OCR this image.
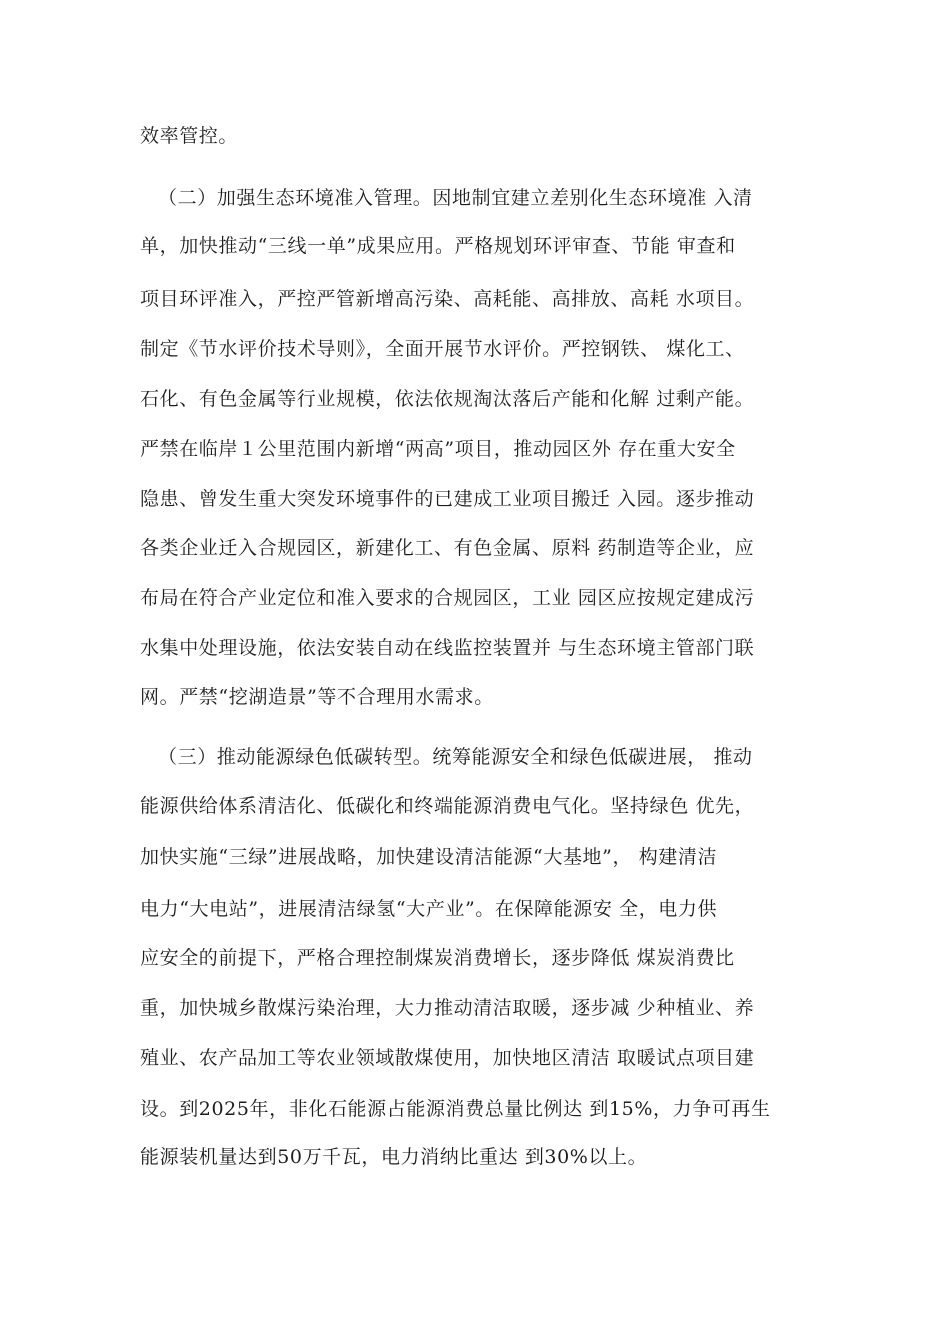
效率管控。
（二）加强生态环境准入管理。因地制宜建立差别化生态环境准 入清
单，加快推动“三线一单”成果应用。严格规划环评审查、节能 审查和
项目环评准入，严控严管新增高污染、高耗能、高排放、高耗 水项目。
制定《节水评价技术导则》，全面开展节水评价。严控钢铁、 煤化工、
石化、有色金属等行业规模，依法依规淘汰落后产能和化解 过剩产能。
严禁在临岸１公里范围内新增“两高”项目，推动园区外 存在重大安全
隐患、曾发生重大突发环境事件的已建成工业项目搬迁 入园。逐步推动
各类企业迁入合规园区，新建化工、有色金属、原料 药制造等企业，应
布局在符合产业定位和准入要求的合规园区，工业 园区应按规定建成污
水集中处理设施，依法安装自动在线监控装置并 与生态环境主管部门联
网。严禁“挖湖造景”等不合理用水需求。
（三）推动能源绿色低碳转型。统筹能源安全和绿色低碳进展， 推动
能源供给体系清洁化、低碳化和终端能源消费电气化。坚持绿色 优先，
加快实施“三绿”进展战略，加快建设清洁能源“大基地”， 构建清洁
电力“大电站”，进展清洁绿氢“大产业”。在保障能源安 全，电力供
应安全的前提下，严格合理控制煤炭消费增长，逐步降低 煤炭消费比
重，加快城乡散煤污染治理，大力推动清洁取暖，逐步减 少种植业、养
殖业、农产品加工等农业领域散煤使用，加快地区清洁 取暖试点项目建
设。到2025年，非化石能源占能源消费总量比例达 到15%，力争可再生
能源装机量达到50万千瓦，电力消纳比重达 到30%以上。
